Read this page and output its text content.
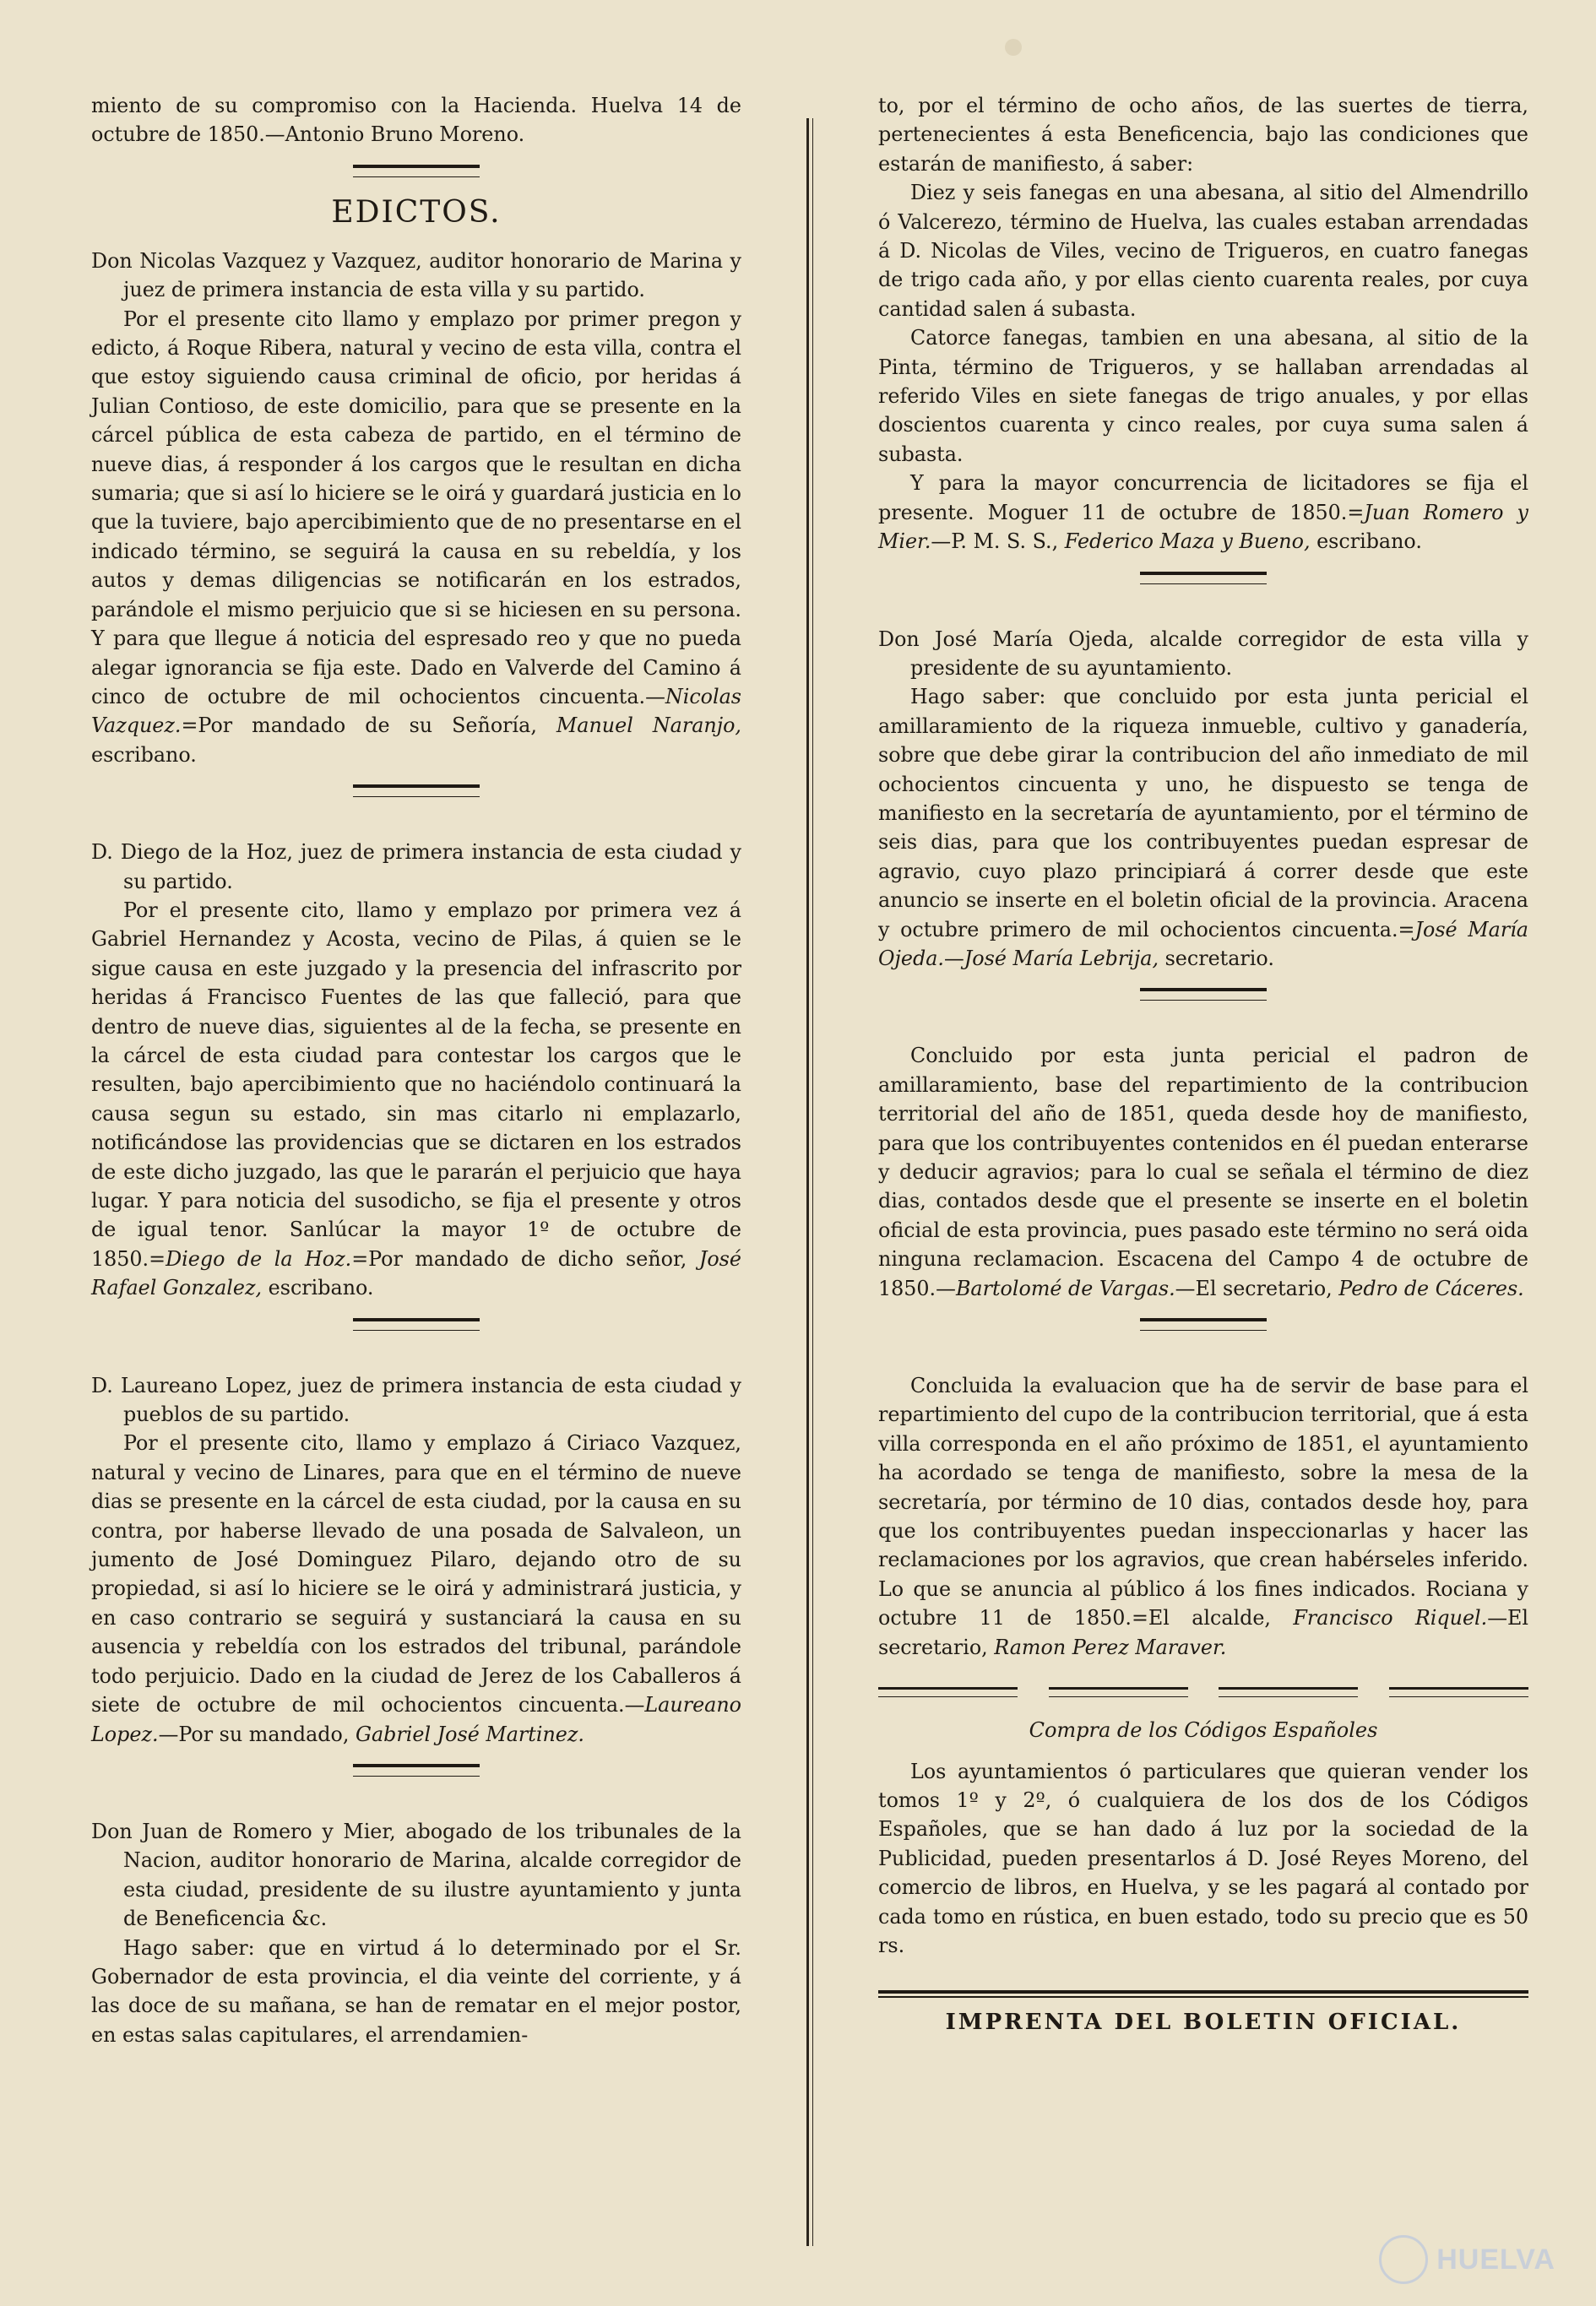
miento de su compromiso con la Hacienda. Huelva 14 de octubre de 1850.—Antonio Bruno Moreno.

EDICTOS.

Don Nicolas Vazquez y Vazquez, auditor honorario de Marina y juez de primera instancia de esta villa y su partido.

Por el presente cito llamo y emplazo por primer pregon y edicto, á Roque Ribera, natural y vecino de esta villa, contra el que estoy siguiendo causa criminal de oficio, por heridas á Julian Contioso, de este domicilio, para que se presente en la cárcel pública de esta cabeza de partido, en el término de nueve dias, á responder á los cargos que le resultan en dicha sumaria; que si así lo hiciere se le oirá y guardará justicia en lo que la tuviere, bajo apercibimiento que de no presentarse en el indicado término, se seguirá la causa en su rebeldía, y los autos y demas diligencias se notificarán en los estrados, parándole el mismo perjuicio que si se hiciesen en su persona. Y para que llegue á noticia del espresado reo y que no pueda alegar ignorancia se fija este. Dado en Valverde del Camino á cinco de octubre de mil ochocientos cincuenta.—Nicolas Vazquez.=Por mandado de su Señoría, Manuel Naranjo, escribano.

D. Diego de la Hoz, juez de primera instancia de esta ciudad y su partido.

Por el presente cito, llamo y emplazo por primera vez á Gabriel Hernandez y Acosta, vecino de Pilas, á quien se le sigue causa en este juzgado y la presencia del infrascrito por heridas á Francisco Fuentes de las que falleció, para que dentro de nueve dias, siguientes al de la fecha, se presente en la cárcel de esta ciudad para contestar los cargos que le resulten, bajo apercibimiento que no haciéndolo continuará la causa segun su estado, sin mas citarlo ni emplazarlo, notificándose las providencias que se dictaren en los estrados de este dicho juzgado, las que le pararán el perjuicio que haya lugar. Y para noticia del susodicho, se fija el presente y otros de igual tenor. Sanlúcar la mayor 1º de octubre de 1850.=Diego de la Hoz.=Por mandado de dicho señor, José Rafael Gonzalez, escribano.

D. Laureano Lopez, juez de primera instancia de esta ciudad y pueblos de su partido.

Por el presente cito, llamo y emplazo á Ciriaco Vazquez, natural y vecino de Linares, para que en el término de nueve dias se presente en la cárcel de esta ciudad, por la causa en su contra, por haberse llevado de una posada de Salvaleon, un jumento de José Dominguez Pilaro, dejando otro de su propiedad, si así lo hiciere se le oirá y administrará justicia, y en caso contrario se seguirá y sustanciará la causa en su ausencia y rebeldía con los estrados del tribunal, parándole todo perjuicio. Dado en la ciudad de Jerez de los Caballeros á siete de octubre de mil ochocientos cincuenta.—Laureano Lopez.—Por su mandado, Gabriel José Martinez.

Don Juan de Romero y Mier, abogado de los tribunales de la Nacion, auditor honorario de Marina, alcalde corregidor de esta ciudad, presidente de su ilustre ayuntamiento y junta de Beneficencia &c.

Hago saber: que en virtud á lo determinado por el Sr. Gobernador de esta provincia, el dia veinte del corriente, y á las doce de su mañana, se han de rematar en el mejor postor, en estas salas capitulares, el arrendamien-

to, por el término de ocho años, de las suertes de tierra, pertenecientes á esta Beneficencia, bajo las condiciones que estarán de manifiesto, á saber:

Diez y seis fanegas en una abesana, al sitio del Almendrillo ó Valcerezo, término de Huelva, las cuales estaban arrendadas á D. Nicolas de Viles, vecino de Trigueros, en cuatro fanegas de trigo cada año, y por ellas ciento cuarenta reales, por cuya cantidad salen á subasta.

Catorce fanegas, tambien en una abesana, al sitio de la Pinta, término de Trigueros, y se hallaban arrendadas al referido Viles en siete fanegas de trigo anuales, y por ellas doscientos cuarenta y cinco reales, por cuya suma salen á subasta.

Y para la mayor concurrencia de licitadores se fija el presente. Moguer 11 de octubre de 1850.=Juan Romero y Mier.—P. M. S. S., Federico Maza y Bueno, escribano.

Don José María Ojeda, alcalde corregidor de esta villa y presidente de su ayuntamiento.

Hago saber: que concluido por esta junta pericial el amillaramiento de la riqueza inmueble, cultivo y ganadería, sobre que debe girar la contribucion del año inmediato de mil ochocientos cincuenta y uno, he dispuesto se tenga de manifiesto en la secretaría de ayuntamiento, por el término de seis dias, para que los contribuyentes puedan espresar de agravio, cuyo plazo principiará á correr desde que este anuncio se inserte en el boletin oficial de la provincia. Aracena y octubre primero de mil ochocientos cincuenta.=José María Ojeda.—José María Lebrija, secretario.

Concluido por esta junta pericial el padron de amillaramiento, base del repartimiento de la contribucion territorial del año de 1851, queda desde hoy de manifiesto, para que los contribuyentes contenidos en él puedan enterarse y deducir agravios; para lo cual se señala el término de diez dias, contados desde que el presente se inserte en el boletin oficial de esta provincia, pues pasado este término no será oida ninguna reclamacion. Escacena del Campo 4 de octubre de 1850.—Bartolomé de Vargas.—El secretario, Pedro de Cáceres.

Concluida la evaluacion que ha de servir de base para el repartimiento del cupo de la contribucion territorial, que á esta villa corresponda en el año próximo de 1851, el ayuntamiento ha acordado se tenga de manifiesto, sobre la mesa de la secretaría, por término de 10 dias, contados desde hoy, para que los contribuyentes puedan inspeccionarlas y hacer las reclamaciones por los agravios, que crean habérseles inferido. Lo que se anuncia al público á los fines indicados. Rociana y octubre 11 de 1850.=El alcalde, Francisco Riquel.—El secretario, Ramon Perez Maraver.

Compra de los Códigos Españoles

Los ayuntamientos ó particulares que quieran vender los tomos 1º y 2º, ó cualquiera de los dos de los Códigos Españoles, que se han dado á luz por la sociedad de la Publicidad, pueden presentarlos á D. José Reyes Moreno, del comercio de libros, en Huelva, y se les pagará al contado por cada tomo en rústica, en buen estado, todo su precio que es 50 rs.

IMPRENTA DEL BOLETIN OFICIAL.
HUELVA
